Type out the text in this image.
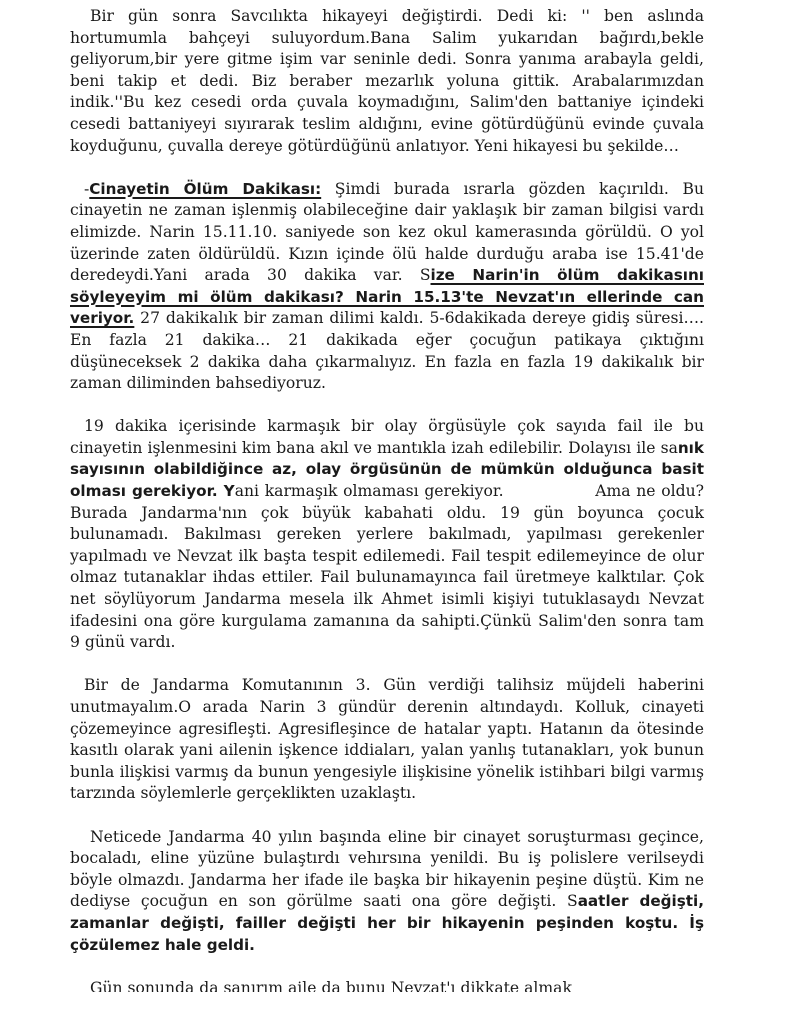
Bir gün sonra Savcılıkta hikayeyi değiştirdi. Dedi ki: '' ben aslında hortumumla bahçeyi suluyordum.Bana Salim yukarıdan bağırdı,bekle geliyorum,bir yere gitme işim var seninle dedi. Sonra yanıma arabayla geldi, beni takip et dedi. Biz beraber mezarlık yoluna gittik. Arabalarımızdan indik.''Bu kez cesedi orda çuvala koymadığını, Salim'den battaniye içindeki cesedi battaniyeyi sıyırarak teslim aldığını, evine götürdüğünü evinde çuvala koyduğunu, çuvalla dereye götürdüğünü anlatıyor. Yeni hikayesi bu şekilde…

-Cinayetin Ölüm Dakikası: Şimdi burada ısrarla gözden kaçırıldı. Bu cinayetin ne zaman işlenmiş olabileceğine dair yaklaşık bir zaman bilgisi vardı elimizde. Narin 15.11.10. saniyede son kez okul kamerasında görüldü. O yol üzerinde zaten öldürüldü. Kızın içinde ölü halde durduğu araba ise 15.41'de deredeydi.Yani arada 30 dakika var. Size Narin'in ölüm dakikasını söyleyeyim mi ölüm dakikası? Narin 15.13'te Nevzat'ın ellerinde can veriyor. 27 dakikalık bir zaman dilimi kaldı. 5-6dakikada dereye gidiş süresi…. En fazla 21 dakika… 21 dakikada eğer çocuğun patikaya çıktığını düşüneceksek 2 dakika daha çıkarmalıyız. En fazla en fazla 19 dakikalık bir zaman diliminden bahsediyoruz.

19 dakika içerisinde karmaşık bir olay örgüsüyle çok sayıda fail ile bu cinayetin işlenmesini kim bana akıl ve mantıkla izah edilebilir. Dolayısı ile sanık sayısının olabildiğince az, olay örgüsünün de mümkün olduğunca basit olması gerekiyor. Yani karmaşık olmaması gerekiyor.	Ama ne oldu? Burada Jandarma'nın çok büyük kabahati oldu. 19 gün boyunca çocuk bulunamadı. Bakılması gereken yerlere bakılmadı, yapılması gerekenler yapılmadı ve Nevzat ilk başta tespit edilemedi. Fail tespit edilemeyince de olur olmaz tutanaklar ihdas ettiler. Fail bulunamayınca fail üretmeye kalktılar. Çok net söylüyorum Jandarma mesela ilk Ahmet isimli kişiyi tutuklasaydı Nevzat ifadesini ona göre kurgulama zamanına da sahipti.Çünkü Salim'den sonra tam 9 günü vardı.

Bir de Jandarma Komutanının 3. Gün verdiği talihsiz müjdeli haberini unutmayalım.O arada Narin 3 gündür derenin altındaydı. Kolluk, cinayeti çözemeyince agresifleşti. Agresifleşince de hatalar yaptı. Hatanın da ötesinde kasıtlı olarak yani ailenin işkence iddiaları, yalan yanlış tutanakları, yok bunun bunla ilişkisi varmış da bunun yengesiyle ilişkisine yönelik istihbari bilgi varmış tarzında söylemlerle gerçeklikten uzaklaştı.

Neticede Jandarma 40 yılın başında eline bir cinayet soruşturması geçince, bocaladı, eline yüzüne bulaştırdı vehırsına yenildi. Bu iş polislere verilseydi böyle olmazdı. Jandarma her ifade ile başka bir hikayenin peşine düştü. Kim ne dediyse çocuğun en son görülme saati ona göre değişti. Saatler değişti, zamanlar değişti, failler değişti her bir hikayenin peşinden koştu. İş çözülemez hale geldi.

Gün sonunda da sanırım aile da bunu Nevzat'ı dikkate almak
